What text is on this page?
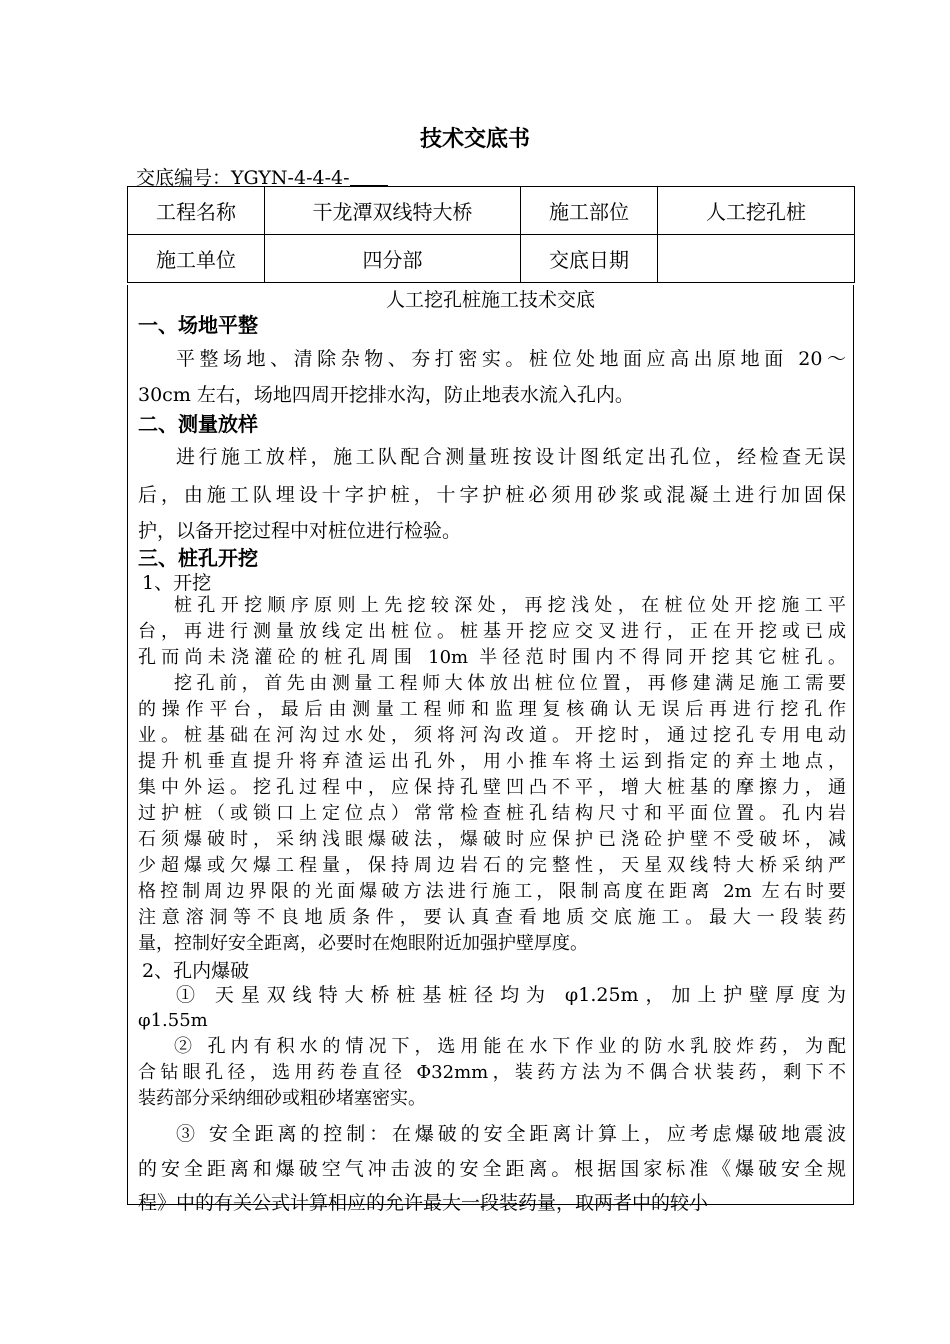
技术交底书
交底编号：YGYN-4-4-4-
工程名称	干龙潭双线特大桥	施工部位	人工挖孔桩
施工单位	四分部	交底日期	
人工挖孔桩施工技术交底
一、场地平整
平整场地、清除杂物、夯打密实。桩位处地面应高出原地面 20～
30cm 左右，场地四周开挖排水沟，防止地表水流入孔内。
二、测量放样
进行施工放样，施工队配合测量班按设计图纸定出孔位，经检查无误
后，由施工队埋设十字护桩，十字护桩必须用砂浆或混凝土进行加固保
护，以备开挖过程中对桩位进行检验。
三、桩孔开挖
1、开挖
桩孔开挖顺序原则上先挖较深处，再挖浅处，在桩位处开挖施工平
台，再进行测量放线定出桩位。桩基开挖应交叉进行，正在开挖或已成
孔而尚未浇灌砼的桩孔周围 10m 半径范时围内不得同开挖其它桩孔。
挖孔前，首先由测量工程师大体放出桩位位置，再修建满足施工需要
的操作平台，最后由测量工程师和监理复核确认无误后再进行挖孔作
业。桩基础在河沟过水处，须将河沟改道。开挖时，通过挖孔专用电动
提升机垂直提升将弃渣运出孔外，用小推车将土运到指定的弃土地点，
集中外运。挖孔过程中，应保持孔壁凹凸不平，增大桩基的摩擦力，通
过护桩（或锁口上定位点）常常检查桩孔结构尺寸和平面位置。孔内岩
石须爆破时，采纳浅眼爆破法，爆破时应保护已浇砼护壁不受破坏，减
少超爆或欠爆工程量，保持周边岩石的完整性，天星双线特大桥采纳严
格控制周边界限的光面爆破方法进行施工，限制高度在距离 2m 左右时要
注意溶洞等不良地质条件，要认真查看地质交底施工。最大一段装药
量，控制好安全距离，必要时在炮眼附近加强护壁厚度。
2、孔内爆破
① 天星双线特大桥桩基桩径均为 φ1.25m，加上护壁厚度为
φ1.55m
② 孔内有积水的情况下，选用能在水下作业的防水乳胶炸药，为配
合钻眼孔径，选用药卷直径 Φ32mm，装药方法为不偶合状装药，剩下不
装药部分采纳细砂或粗砂堵塞密实。
③ 安全距离的控制：在爆破的安全距离计算上，应考虑爆破地震波
的安全距离和爆破空气冲击波的安全距离。根据国家标准《爆破安全规
程》中的有关公式计算相应的允许最大一段装药量，取两者中的较小
